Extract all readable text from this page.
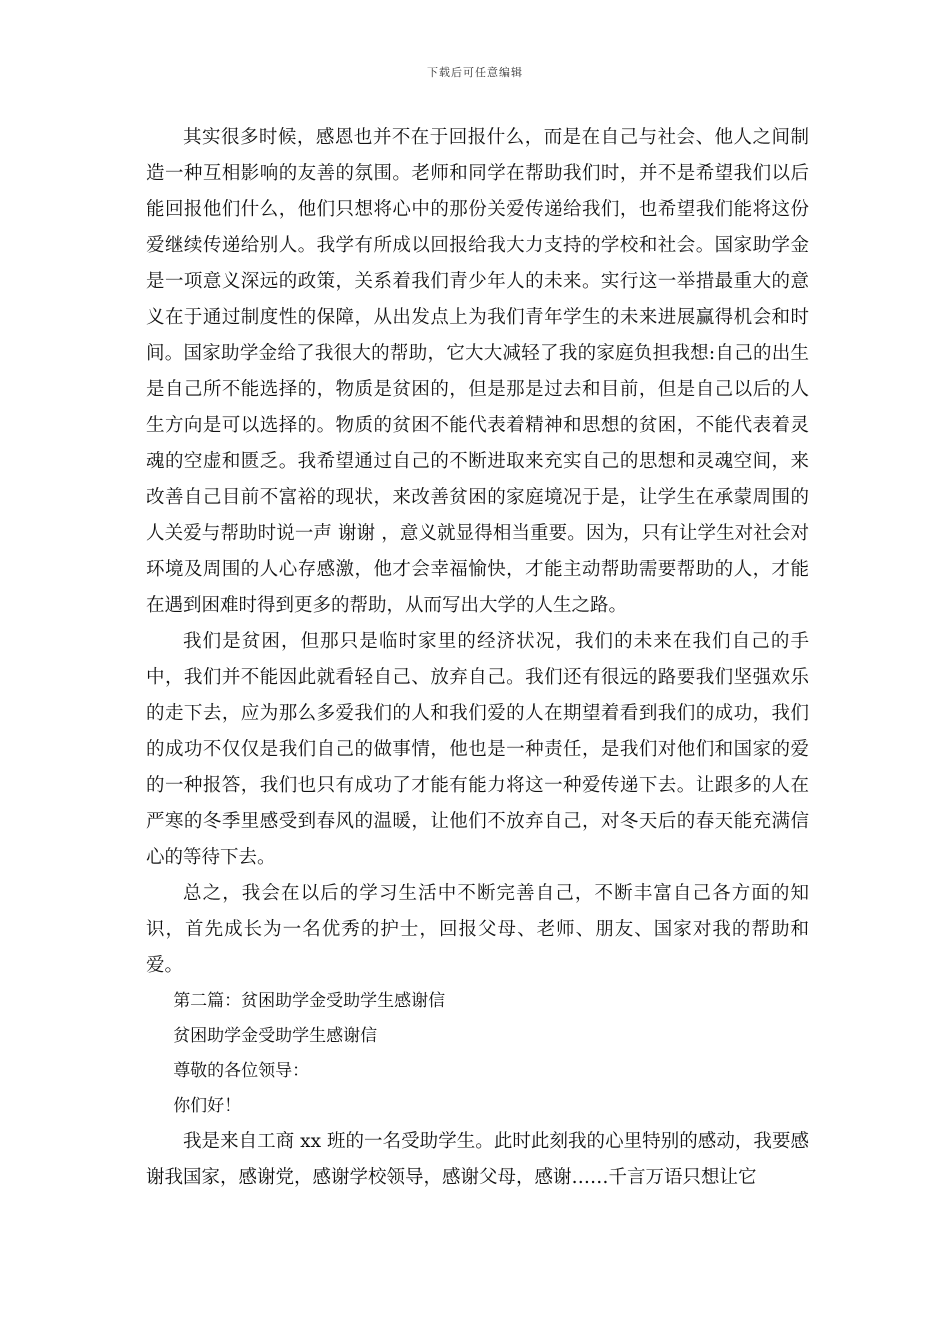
下载后可任意编辑

其实很多时候，感恩也并不在于回报什么，而是在自己与社会、他人之间制造一种互相影响的友善的氛围。老师和同学在帮助我们时，并不是希望我们以后能回报他们什么，他们只想将心中的那份关爱传递给我们，也希望我们能将这份爱继续传递给别人。我学有所成以回报给我大力支持的学校和社会。国家助学金是一项意义深远的政策，关系着我们青少年人的未来。实行这一举措最重大的意义在于通过制度性的保障，从出发点上为我们青年学生的未来进展赢得机会和时间。国家助学金给了我很大的帮助，它大大减轻了我的家庭负担我想:自己的出生是自己所不能选择的，物质是贫困的，但是那是过去和目前，但是自己以后的人生方向是可以选择的。物质的贫困不能代表着精神和思想的贫困，不能代表着灵魂的空虚和匮乏。我希望通过自己的不断进取来充实自己的思想和灵魂空间，来改善自己目前不富裕的现状，来改善贫困的家庭境况于是，让学生在承蒙周围的人关爱与帮助时说一声 谢谢 ，意义就显得相当重要。因为，只有让学生对社会对环境及周围的人心存感激，他才会幸福愉快，才能主动帮助需要帮助的人，才能在遇到困难时得到更多的帮助，从而写出大学的人生之路。

我们是贫困，但那只是临时家里的经济状况，我们的未来在我们自己的手中，我们并不能因此就看轻自己、放弃自己。我们还有很远的路要我们坚强欢乐的走下去，应为那么多爱我们的人和我们爱的人在期望着看到我们的成功，我们的成功不仅仅是我们自己的做事情，他也是一种责任，是我们对他们和国家的爱的一种报答，我们也只有成功了才能有能力将这一种爱传递下去。让跟多的人在严寒的冬季里感受到春风的温暖，让他们不放弃自己，对冬天后的春天能充满信心的等待下去。

总之，我会在以后的学习生活中不断完善自己，不断丰富自己各方面的知识，首先成长为一名优秀的护士，回报父母、老师、朋友、国家对我的帮助和爱。

第二篇：贫困助学金受助学生感谢信

贫困助学金受助学生感谢信

尊敬的各位领导：

你们好！

我是来自工商 xx 班的一名受助学生。此时此刻我的心里特别的感动，我要感谢我国家，感谢党，感谢学校领导，感谢父母，感谢……千言万语只想让它
